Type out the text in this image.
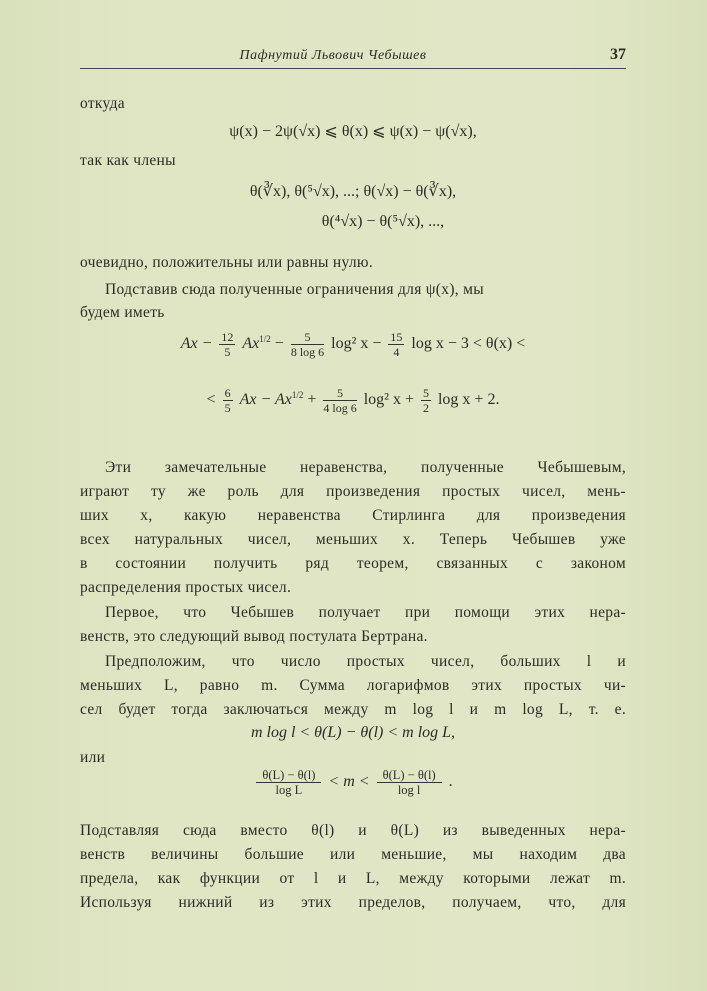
Пафнутий Львович Чебышев	37
откуда
ψ(x) − 2ψ(√x) ⩽ θ(x) ⩽ ψ(x) − ψ(√x),
так как члены
θ(∛x), θ(⁵√x), ...; θ(√x) − θ(∛x),
θ(⁴√x) − θ(⁵√x), ...,
очевидно, положительны или равны нулю.
Подставив сюда полученные ограничения для ψ(x), мы
будем иметь
$Ax - \frac{12}{5} Ax^{1/2} - \frac{5}{8 \log 6} \log^2$ $x - \frac{15}{4}$ log x − 3 < θ(x) <
< $\frac{6}{5}$ $Ax - Ax^{1/2} + \frac{5}{4 \log 6} \log^2$ $x + \frac{5}{2}$ log x + 2.
Эти замечательные неравенства, полученные Чебышевым,
играют ту же роль для произведения простых чисел, мень-
ших x, какую неравенства Стирлинга для произведения
всех натуральных чисел, меньших x. Теперь Чебышев уже
в состоянии получить ряд теорем, связанных с законом
распределения простых чисел.
Первое, что Чебышев получает при помощи этих нера-
венств, это следующий вывод постулата Бертрана.
Предположим, что число простых чисел, больших l и
меньших L, равно m. Сумма логарифмов этих простых чи-
сел будет тогда заключаться между m log l и m log L, т. е.
m log l < θ(L) − θ(l) < m log L,
или
$\frac{\theta(L) - \theta(l)}{\text{log L}} < m < \frac{\theta(L) - \theta(l)}{\text{log l}}$ .
Подставляя сюда вместо θ(l) и θ(L) из выведенных нера-
венств величины большие или меньшие, мы находим два
предела, как функции от l и L, между которыми лежат m.
Используя нижний из этих пределов, получаем, что, для
